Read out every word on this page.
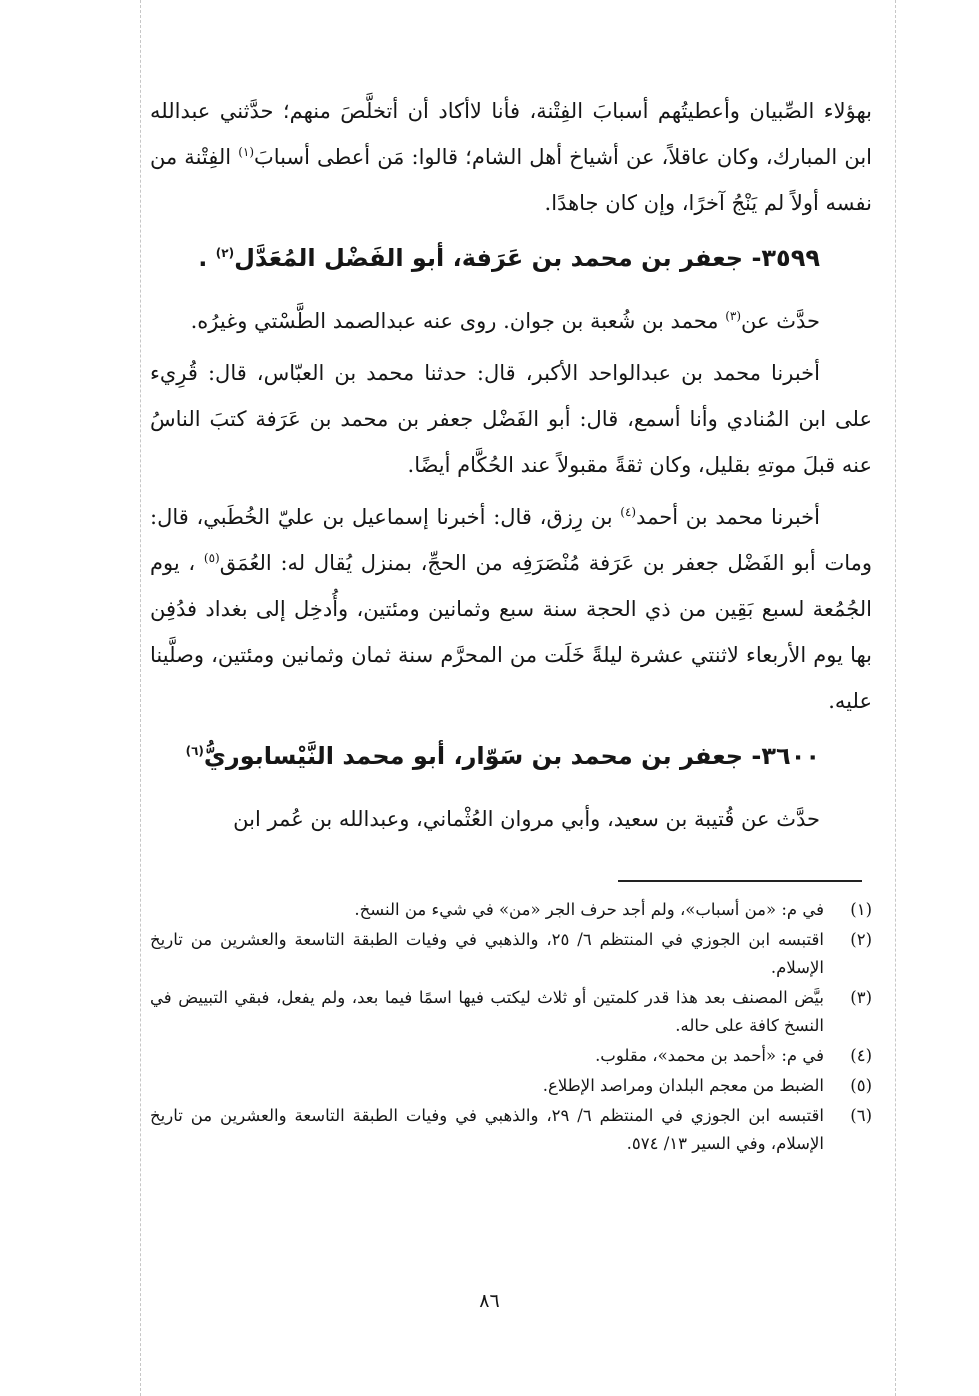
بهؤلاء الصِّبيان وأعطيتُهم أسبابَ الفِتْنة، فأنا لاأكاد أن أتخلَّصَ منهم؛ حدَّثني عبدالله ابن المبارك، وكان عاقلاً، عن أشياخ أهل الشام؛ قالوا: مَن أعطى أسبابَ$^{(١)}$ الفِتْنة من نفسه أولاً لم يَنْجُ آخرًا، وإن كان جاهدًا.

٣٥٩٩- جعفر بن محمد بن عَرَفة، أبو الفَضْل المُعَدَّل$^{(٢)}$ .

حدَّث عن$^{(٣)}$ محمد بن شُعبة بن جوان. روى عنه عبدالصمد الطَّسْتي وغيرُه.

أخبرنا محمد بن عبدالواحد الأكبر، قال: حدثنا محمد بن العبّاس، قال: قُرِيء على ابن المُنادي وأنا أسمع، قال: أبو الفَضْل جعفر بن محمد بن عَرَفة كتبَ الناسُ عنه قبلَ موتهِ بقليل، وكان ثقةً مقبولاً عند الحُكَّام أيضًا.

أخبرنا محمد بن أحمد$^{(٤)}$ بن رِزق، قال: أخبرنا إسماعيل بن عليّ الخُطَبي، قال: ومات أبو الفَضْل جعفر بن عَرَفة مُنْصَرَفِه من الحجِّ، بمنزل يُقال له: العُمَق$^{(٥)}$ ، يوم الجُمُعة لسبع بَقِين من ذي الحجة سنة سبع وثمانين ومئتين، وأُدخِل إلى بغداد فدُفِن بها يوم الأربعاء لاثنتي عشرة ليلةً خَلَت من المحرَّم سنة ثمان وثمانين ومئتين، وصلَّينا عليه.

٣٦٠٠- جعفر بن محمد بن سَوّار، أبو محمد النَّيْسابوريُّ$^{(٦)}$

حدَّث عن قُتيبة بن سعيد، وأبي مروان العُثْماني، وعبدالله بن عُمر ابن

(١)
في م: «من أسباب»، ولم أجد حرف الجر «من» في شيء من النسخ.
(٢)
اقتبسه ابن الجوزي في المنتظم ٦/ ٢٥، والذهبي في وفيات الطبقة التاسعة والعشرين من تاريخ الإسلام.
(٣)
بيَّض المصنف بعد هذا قدر كلمتين أو ثلاث ليكتب فيها اسمًا فيما بعد، ولم يفعل، فبقي التبييض في النسخ كافة على حاله.
(٤)
في م: «أحمد بن محمد»، مقلوب.
(٥)
الضبط من معجم البلدان ومراصد الإطلاع.
(٦)
اقتبسه ابن الجوزي في المنتظم ٦/ ٢٩، والذهبي في وفيات الطبقة التاسعة والعشرين من تاريخ الإسلام، وفي السير ١٣/ ٥٧٤.
٨٦
